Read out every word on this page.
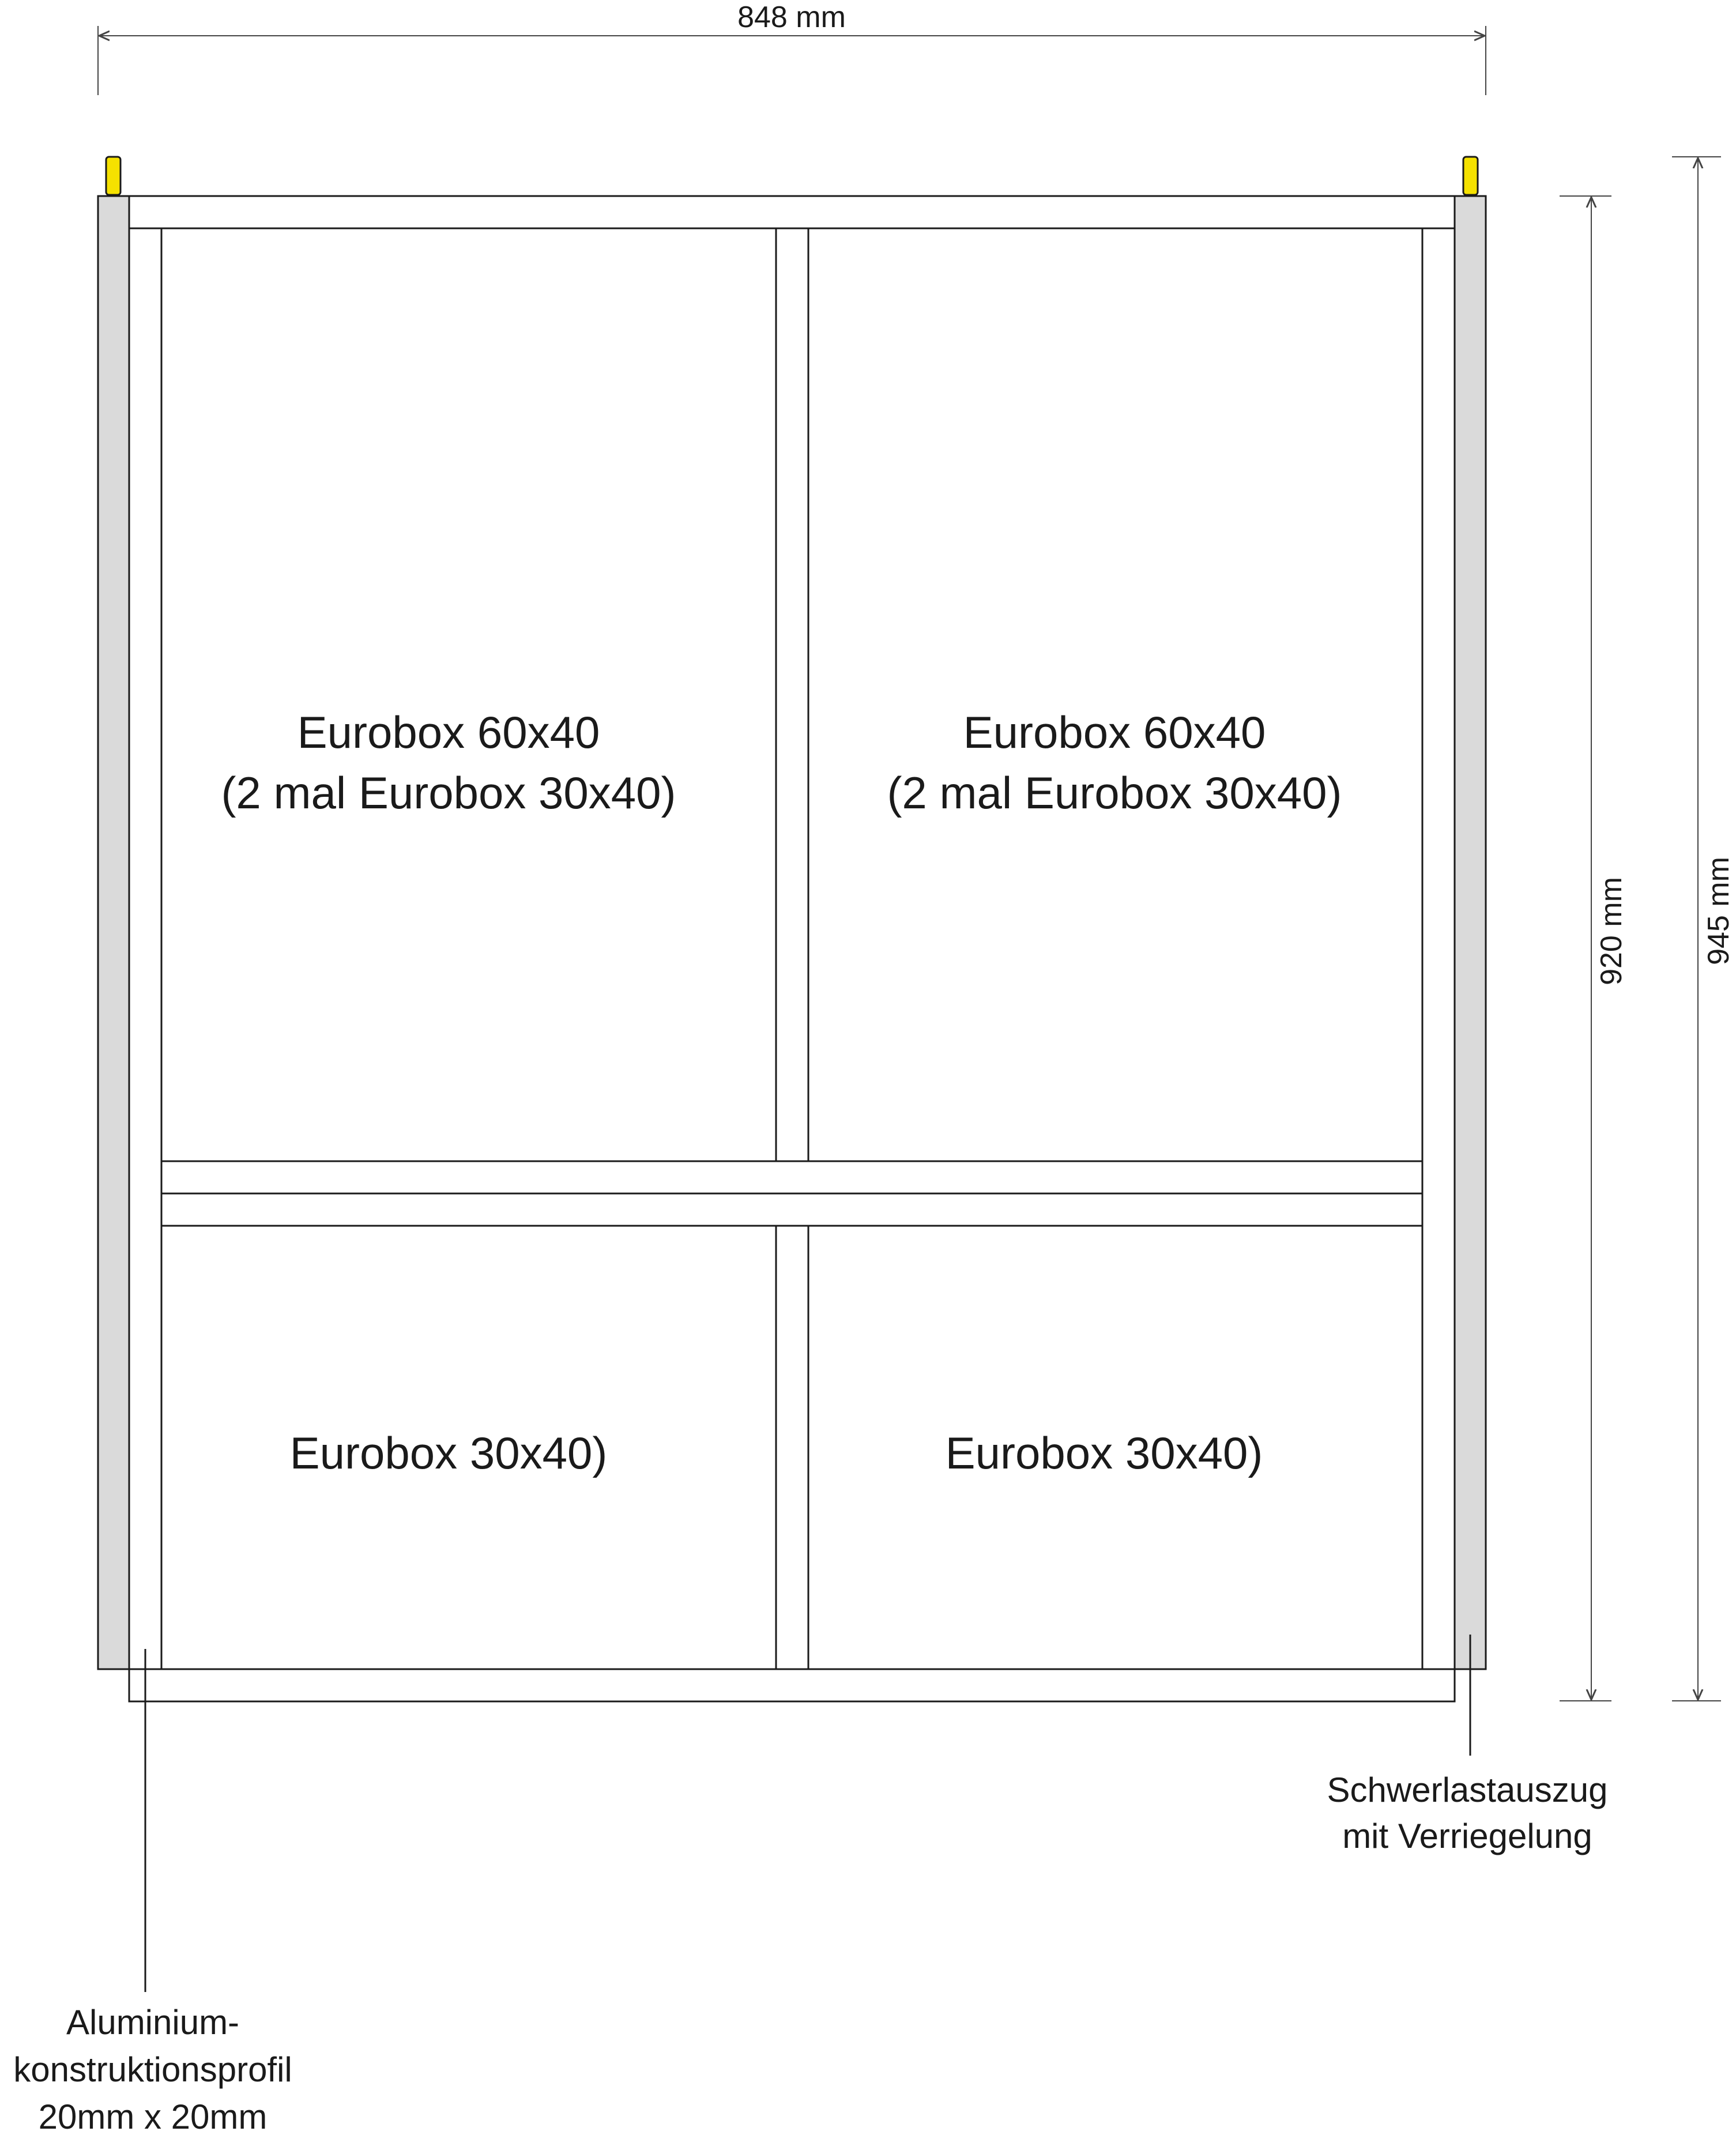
848 mm
920 mm 945 mm
Eurobox 60x40
(2 mal Eurobox 30x40)
Eurobox 60x40
(2 mal Eurobox 30x40)
Eurobox 30x40)	Eurobox 30x40)
Schwerlastauszug
mit Verriegelung
Aluminium-
konstruktionsprofil
20mm x 20mm
